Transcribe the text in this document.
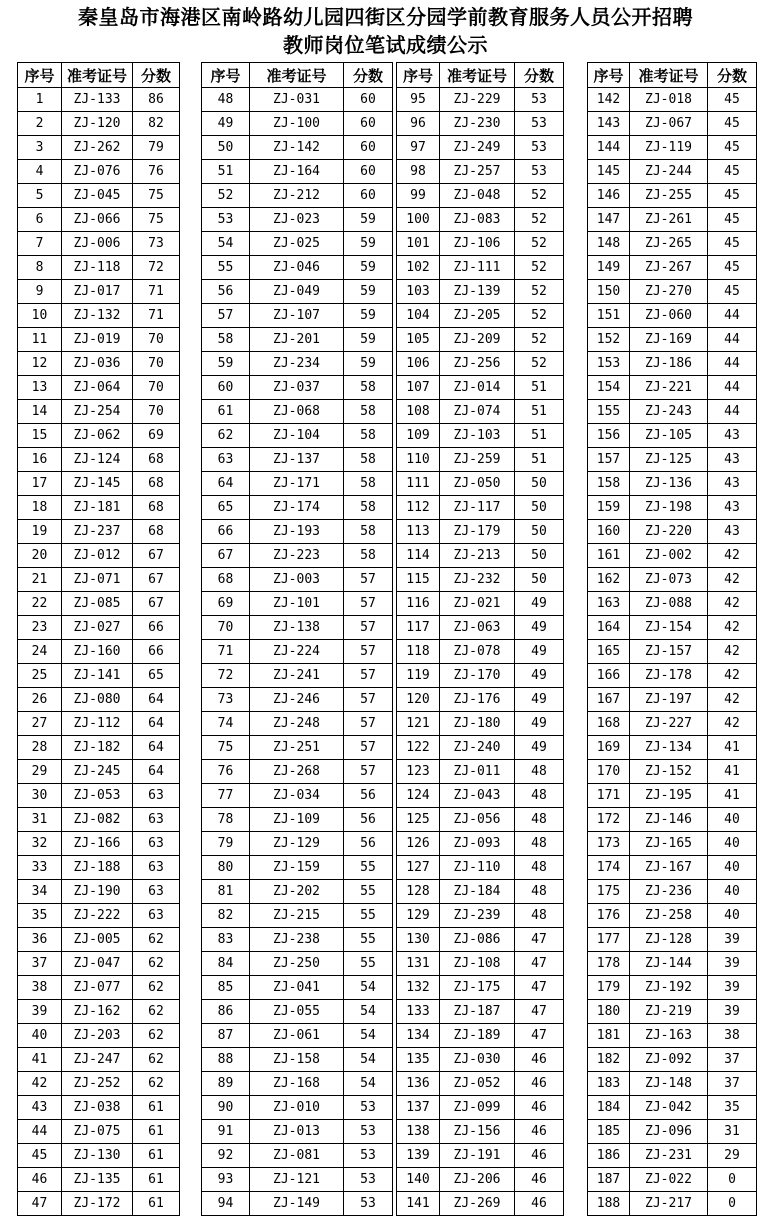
秦皇岛市海港区南岭路幼儿园四街区分园学前教育服务人员公开招聘
教师岗位笔试成绩公示
序号	准考证号	分数
1	ZJ-133	86
2	ZJ-120	82
3	ZJ-262	79
4	ZJ-076	76
5	ZJ-045	75
6	ZJ-066	75
7	ZJ-006	73
8	ZJ-118	72
9	ZJ-017	71
10	ZJ-132	71
11	ZJ-019	70
12	ZJ-036	70
13	ZJ-064	70
14	ZJ-254	70
15	ZJ-062	69
16	ZJ-124	68
17	ZJ-145	68
18	ZJ-181	68
19	ZJ-237	68
20	ZJ-012	67
21	ZJ-071	67
22	ZJ-085	67
23	ZJ-027	66
24	ZJ-160	66
25	ZJ-141	65
26	ZJ-080	64
27	ZJ-112	64
28	ZJ-182	64
29	ZJ-245	64
30	ZJ-053	63
31	ZJ-082	63
32	ZJ-166	63
33	ZJ-188	63
34	ZJ-190	63
35	ZJ-222	63
36	ZJ-005	62
37	ZJ-047	62
38	ZJ-077	62
39	ZJ-162	62
40	ZJ-203	62
41	ZJ-247	62
42	ZJ-252	62
43	ZJ-038	61
44	ZJ-075	61
45	ZJ-130	61
46	ZJ-135	61
47	ZJ-172	61
序号	准考证号	分数
48	ZJ-031	60
49	ZJ-100	60
50	ZJ-142	60
51	ZJ-164	60
52	ZJ-212	60
53	ZJ-023	59
54	ZJ-025	59
55	ZJ-046	59
56	ZJ-049	59
57	ZJ-107	59
58	ZJ-201	59
59	ZJ-234	59
60	ZJ-037	58
61	ZJ-068	58
62	ZJ-104	58
63	ZJ-137	58
64	ZJ-171	58
65	ZJ-174	58
66	ZJ-193	58
67	ZJ-223	58
68	ZJ-003	57
69	ZJ-101	57
70	ZJ-138	57
71	ZJ-224	57
72	ZJ-241	57
73	ZJ-246	57
74	ZJ-248	57
75	ZJ-251	57
76	ZJ-268	57
77	ZJ-034	56
78	ZJ-109	56
79	ZJ-129	56
80	ZJ-159	55
81	ZJ-202	55
82	ZJ-215	55
83	ZJ-238	55
84	ZJ-250	55
85	ZJ-041	54
86	ZJ-055	54
87	ZJ-061	54
88	ZJ-158	54
89	ZJ-168	54
90	ZJ-010	53
91	ZJ-013	53
92	ZJ-081	53
93	ZJ-121	53
94	ZJ-149	53
序号	准考证号	分数
95	ZJ-229	53
96	ZJ-230	53
97	ZJ-249	53
98	ZJ-257	53
99	ZJ-048	52
100	ZJ-083	52
101	ZJ-106	52
102	ZJ-111	52
103	ZJ-139	52
104	ZJ-205	52
105	ZJ-209	52
106	ZJ-256	52
107	ZJ-014	51
108	ZJ-074	51
109	ZJ-103	51
110	ZJ-259	51
111	ZJ-050	50
112	ZJ-117	50
113	ZJ-179	50
114	ZJ-213	50
115	ZJ-232	50
116	ZJ-021	49
117	ZJ-063	49
118	ZJ-078	49
119	ZJ-170	49
120	ZJ-176	49
121	ZJ-180	49
122	ZJ-240	49
123	ZJ-011	48
124	ZJ-043	48
125	ZJ-056	48
126	ZJ-093	48
127	ZJ-110	48
128	ZJ-184	48
129	ZJ-239	48
130	ZJ-086	47
131	ZJ-108	47
132	ZJ-175	47
133	ZJ-187	47
134	ZJ-189	47
135	ZJ-030	46
136	ZJ-052	46
137	ZJ-099	46
138	ZJ-156	46
139	ZJ-191	46
140	ZJ-206	46
141	ZJ-269	46
序号	准考证号	分数
142	ZJ-018	45
143	ZJ-067	45
144	ZJ-119	45
145	ZJ-244	45
146	ZJ-255	45
147	ZJ-261	45
148	ZJ-265	45
149	ZJ-267	45
150	ZJ-270	45
151	ZJ-060	44
152	ZJ-169	44
153	ZJ-186	44
154	ZJ-221	44
155	ZJ-243	44
156	ZJ-105	43
157	ZJ-125	43
158	ZJ-136	43
159	ZJ-198	43
160	ZJ-220	43
161	ZJ-002	42
162	ZJ-073	42
163	ZJ-088	42
164	ZJ-154	42
165	ZJ-157	42
166	ZJ-178	42
167	ZJ-197	42
168	ZJ-227	42
169	ZJ-134	41
170	ZJ-152	41
171	ZJ-195	41
172	ZJ-146	40
173	ZJ-165	40
174	ZJ-167	40
175	ZJ-236	40
176	ZJ-258	40
177	ZJ-128	39
178	ZJ-144	39
179	ZJ-192	39
180	ZJ-219	39
181	ZJ-163	38
182	ZJ-092	37
183	ZJ-148	37
184	ZJ-042	35
185	ZJ-096	31
186	ZJ-231	29
187	ZJ-022	0
188	ZJ-217	0
